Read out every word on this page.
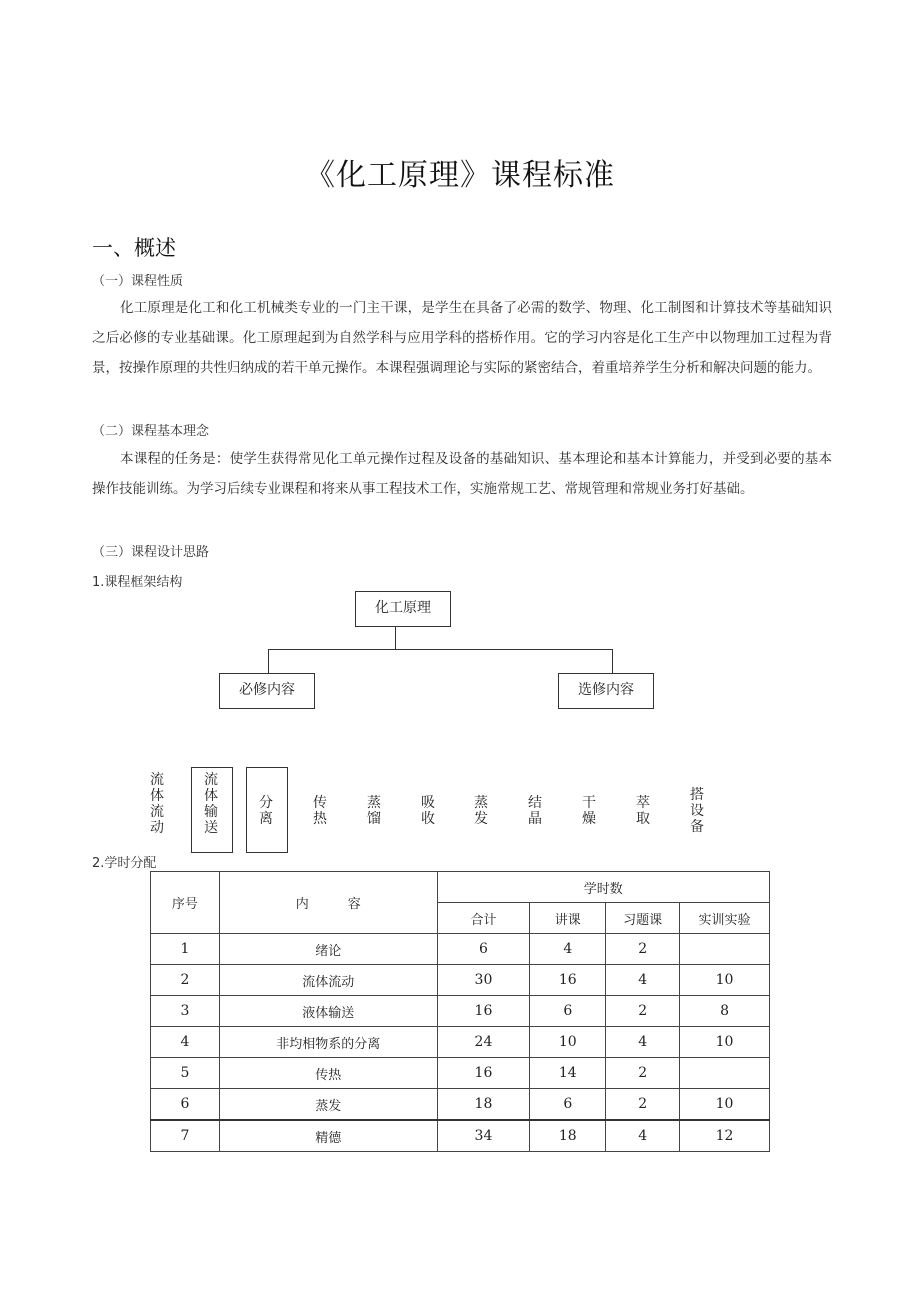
《化工原理》课程标准
一、概述
（一）课程性质

化工原理是化工和化工机械类专业的一门主干课，是学生在具备了必需的数学、物理、化工制图和计算技术等基础知识之后必修的专业基础课。化工原理起到为自然学科与应用学科的搭桥作用。它的学习内容是化工生产中以物理加工过程为背景，按操作原理的共性归纳成的若干单元操作。本课程强调理论与实际的紧密结合，着重培养学生分析和解决问题的能力。

（二）课程基本理念

本课程的任务是：使学生获得常见化工单元操作过程及设备的基础知识、基本理论和基本计算能力，并受到必要的基本操作技能训练。为学习后续专业课程和将来从事工程技术工作，实施常规工艺、常规管理和常规业务打好基础。

（三）课程设计思路
1.课程框架结构
化工原理
必修内容	选修内容
流体流动
流体输送
分离
传热
蒸馏
吸收
蒸发
结晶
干燥
萃取
搭设备
2.学时分配
序号	内　　　容	学时数			
		合计	讲课	习题课	实训实验
1	绪论	6	4	2	
2	流体流动	30	16	4	10
3	液体输送	16	6	2	8
4	非均相物系的分离	24	10	4	10
5	传热	16	14	2	
6	蒸发	18	6	2	10
7	精德	34	18	4	12
